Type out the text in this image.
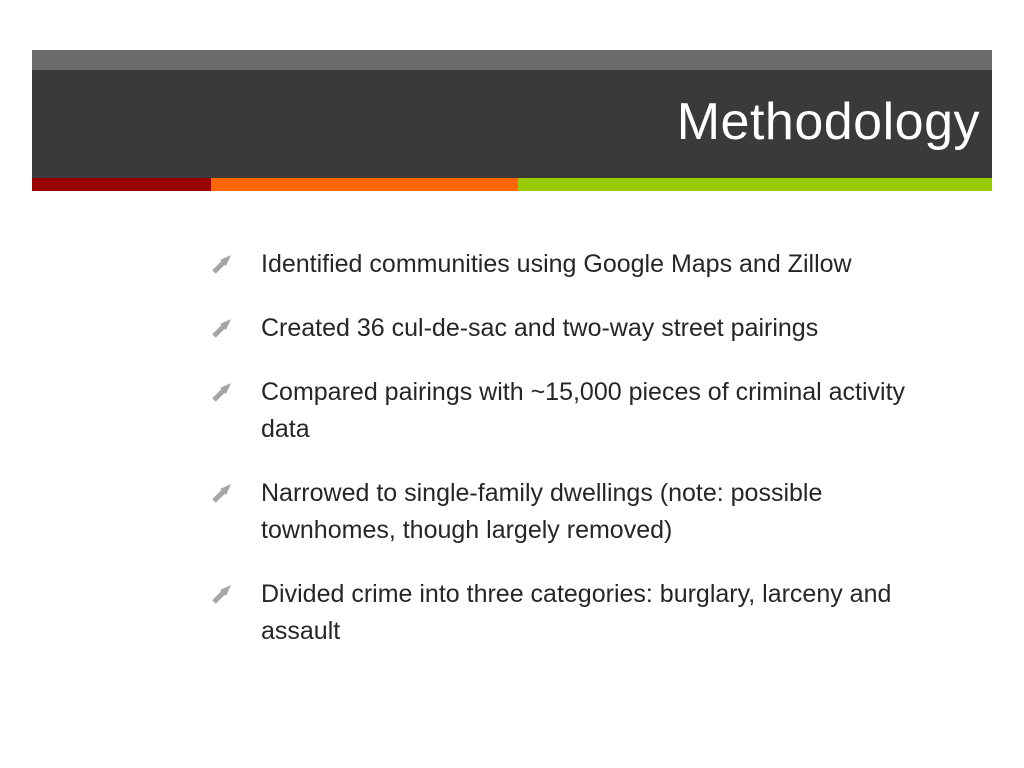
Methodology
Identified communities using Google Maps and Zillow
Created 36 cul-de-sac and two-way street pairings
Compared pairings with ~15,000 pieces of criminal activity data
Narrowed to single-family dwellings (note: possible townhomes, though largely removed)
Divided crime into three categories: burglary, larceny and assault
